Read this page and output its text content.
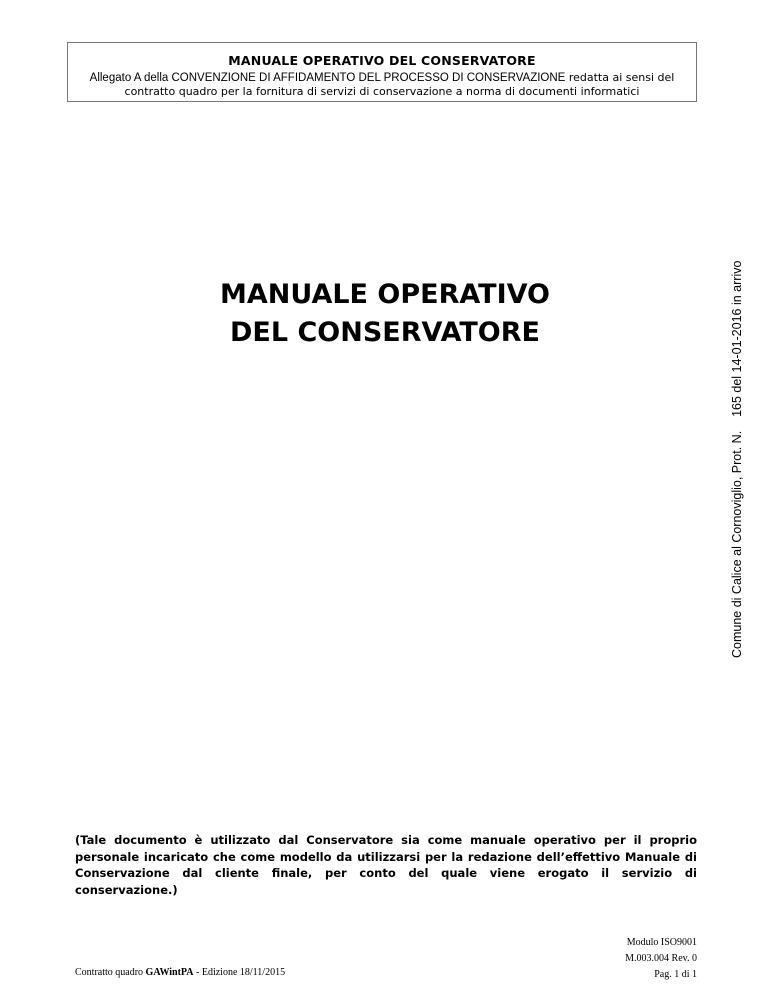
MANUALE OPERATIVO DEL CONSERVATORE
Allegato A della CONVENZIONE DI AFFIDAMENTO DEL PROCESSO DI CONSERVAZIONE redatta ai sensi del
contratto quadro per la fornitura di servizi di conservazione a norma di documenti informatici
MANUALE OPERATIVO
DEL CONSERVATORE	Comune di Calice al Cornoviglio, Prot. N.    165 del 14-01-2016 in arrivo
(Tale documento è utilizzato dal Conservatore sia come manuale operativo per il proprio personale incaricato che come modello da utilizzarsi per la redazione dell’effettivo Manuale di Conservazione dal cliente finale, per conto del quale viene erogato il servizio di conservazione.)
Modulo ISO9001
M.003.004 Rev. 0
Pag. 1 di 1
Contratto quadro GAWintPA - Edizione 18/11/2015
